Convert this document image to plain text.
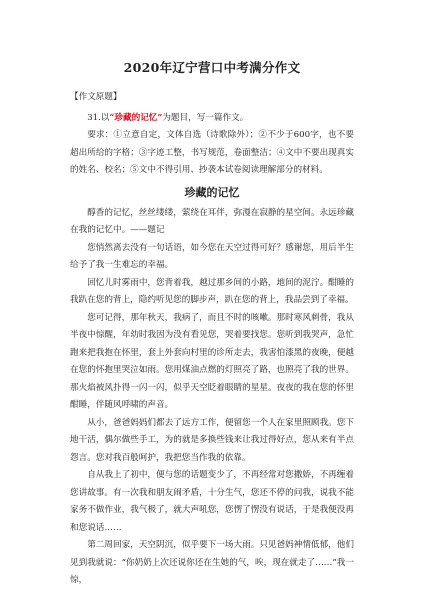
2020年辽宁营口中考满分作文

【作文原题】

31.以“珍藏的记忆”为题目，写一篇作文。

要求：①立意自定，文体自选（诗歌除外）；②不少于600字，也不要超出所给的字格；③字迹工整，书写规范，卷面整洁；④文中不要出现真实的姓名、校名；⑤文中不得引用、抄袭本试卷阅读理解部分的材料。

珍藏的记忆

醇香的记忆，丝丝缕缕，萦绕在耳伴，弥漫在寂静的星空间。永远珍藏在我的记忆中。——题记

您悄然离去没有一句话语，如今您在天空过得可好？感谢您，用后半生给予了我一生难忘的幸福。

回忆儿时雾雨中，您背着我，越过那乡间的小路，地间的泥泞。酣睡的我趴在您的背上，隐约听见您的脚步声，趴在您的背上，我品尝到了幸福。

您可记得，那年秋天，我病了，而且不时的咳嗽。那时寒风刺骨，我从半夜中惊醒，年幼时我因为没有看见您，哭着要找您。您听到我哭声，急忙跑来把我抱在怀里，套上外套向村里的诊所走去，我害怕漆黑的夜晚，便越在您的怀抱里哭泣如雨。您用煤油点燃的灯照亮了路，也照亮了我的世界。那火焰被风扑得一闪一闪，似乎天空眨着眼睛的星星。夜夜的我在您的怀里酣睡，伴随风呼啸的声音。

从小，爸爸妈妈们都去了远方工作，便留您一个人在家里照顾我。您下地干活，偶尔做些手工，为的就是多换些钱来让我过得好点，您从来有半点怨言。您对我百般呵护，我把您当作我的依靠。

自从我上了初中，便与您的话题变少了，不再经常对您撒娇，不再缠着您讲故事。有一次我和朋友闹矛盾，十分生气，您还不停的问我，说我不能家务不做作业，我气极了，就大声吼您，您愣了愣没有说话，于是我便没再和您说话……

第二周回家，天空阴沉，似乎要下一场大雨。只见爸妈神情低郁，他们见到我就说：“你奶奶上次还说你还在生她的气，唉，现在就走了……”我一惊，
